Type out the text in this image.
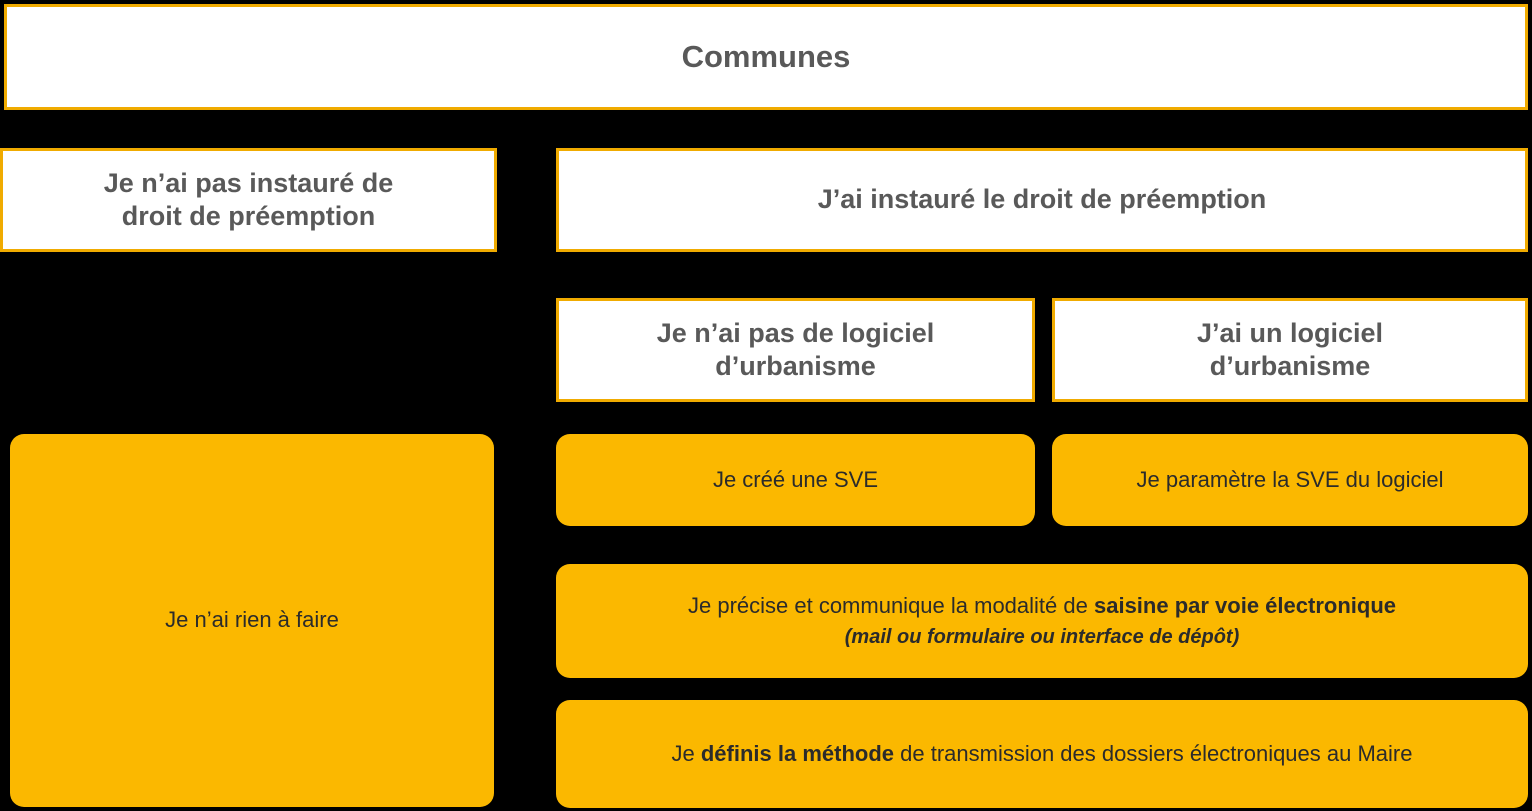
Communes
Je n’ai pas instauré de
droit de préemption
J’ai instauré le droit de préemption
Je n’ai pas de logiciel
d’urbanisme
J’ai un logiciel
d’urbanisme
Je n’ai rien à faire
Je créé une SVE	Je paramètre la SVE du logiciel
Je précise et communique la modalité de saisine par voie électronique
(mail ou formulaire ou interface de dépôt)
Je définis la méthode de transmission des dossiers électroniques au Maire
